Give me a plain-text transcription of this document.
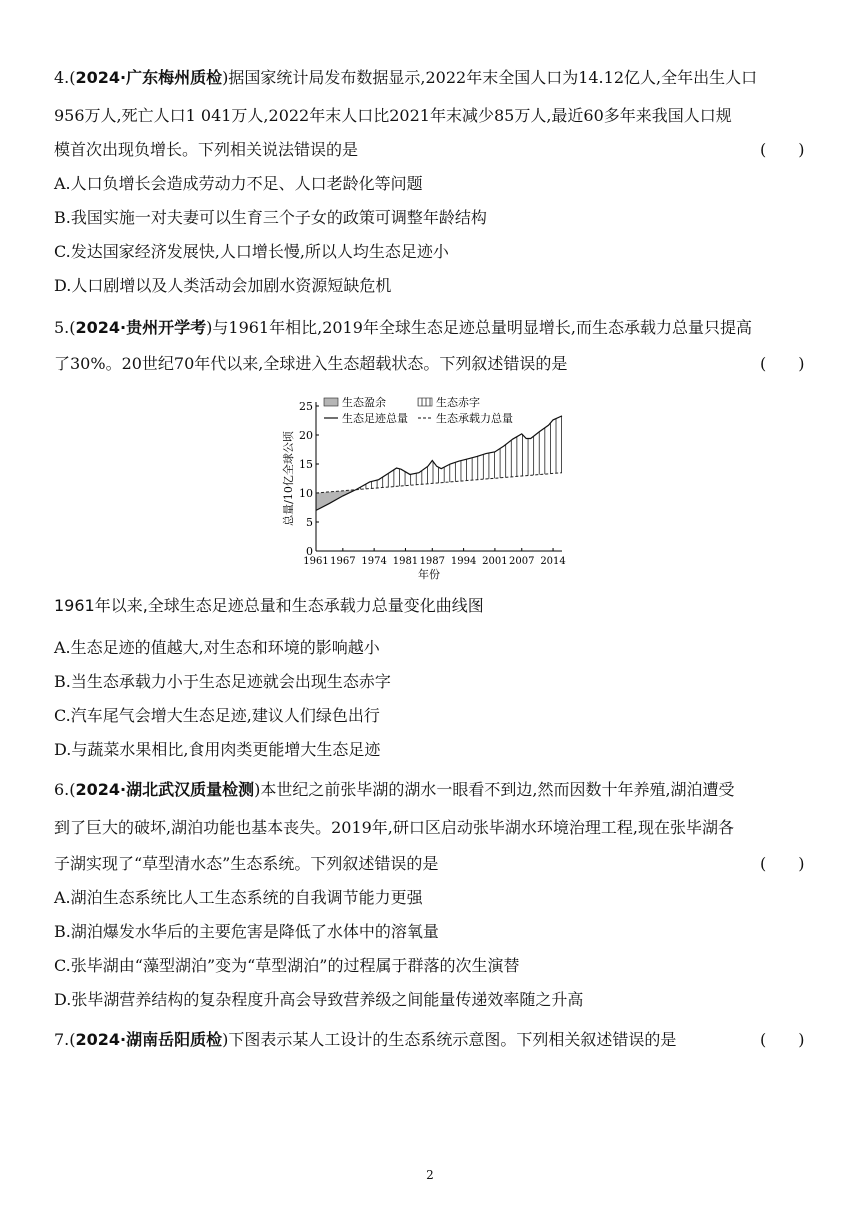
4.(2024·广东梅州质检)据国家统计局发布数据显示,2022年末全国人口为14.12亿人,全年出生人口
956万人,死亡人口1 041万人,2022年末人口比2021年末减少85万人,最近60多年来我国人口规
模首次出现负增长。下列相关说法错误的是	(　　)
A.人口负增长会造成劳动力不足、人口老龄化等问题
B.我国实施一对夫妻可以生育三个子女的政策可调整年龄结构
C.发达国家经济发展快,人口增长慢,所以人均生态足迹小
D.人口剧增以及人类活动会加剧水资源短缺危机
5.(2024·贵州开学考)与1961年相比,2019年全球生态足迹总量明显增长,而生态承载力总量只提高
了30%。20世纪70年代以来,全球进入生态超载状态。下列叙述错误的是	(　　)
0
5
10
15
20
25
1961 1967 1974 1981 1987 1994 2001 2007 2014
年份
总量/10亿全球公顷
生态盈余	生态赤字
生态足迹总量	生态承载力总量
1961年以来,全球生态足迹总量和生态承载力总量变化曲线图
A.生态足迹的值越大,对生态和环境的影响越小
B.当生态承载力小于生态足迹就会出现生态赤字
C.汽车尾气会增大生态足迹,建议人们绿色出行
D.与蔬菜水果相比,食用肉类更能增大生态足迹
6.(2024·湖北武汉质量检测)本世纪之前张毕湖的湖水一眼看不到边,然而因数十年养殖,湖泊遭受
到了巨大的破坏,湖泊功能也基本丧失。2019年,研口区启动张毕湖水环境治理工程,现在张毕湖各
子湖实现了“草型清水态”生态系统。下列叙述错误的是	(　　)
A.湖泊生态系统比人工生态系统的自我调节能力更强
B.湖泊爆发水华后的主要危害是降低了水体中的溶氧量
C.张毕湖由“藻型湖泊”变为“草型湖泊”的过程属于群落的次生演替
D.张毕湖营养结构的复杂程度升高会导致营养级之间能量传递效率随之升高
7.(2024·湖南岳阳质检)下图表示某人工设计的生态系统示意图。下列相关叙述错误的是	(　　)
2
